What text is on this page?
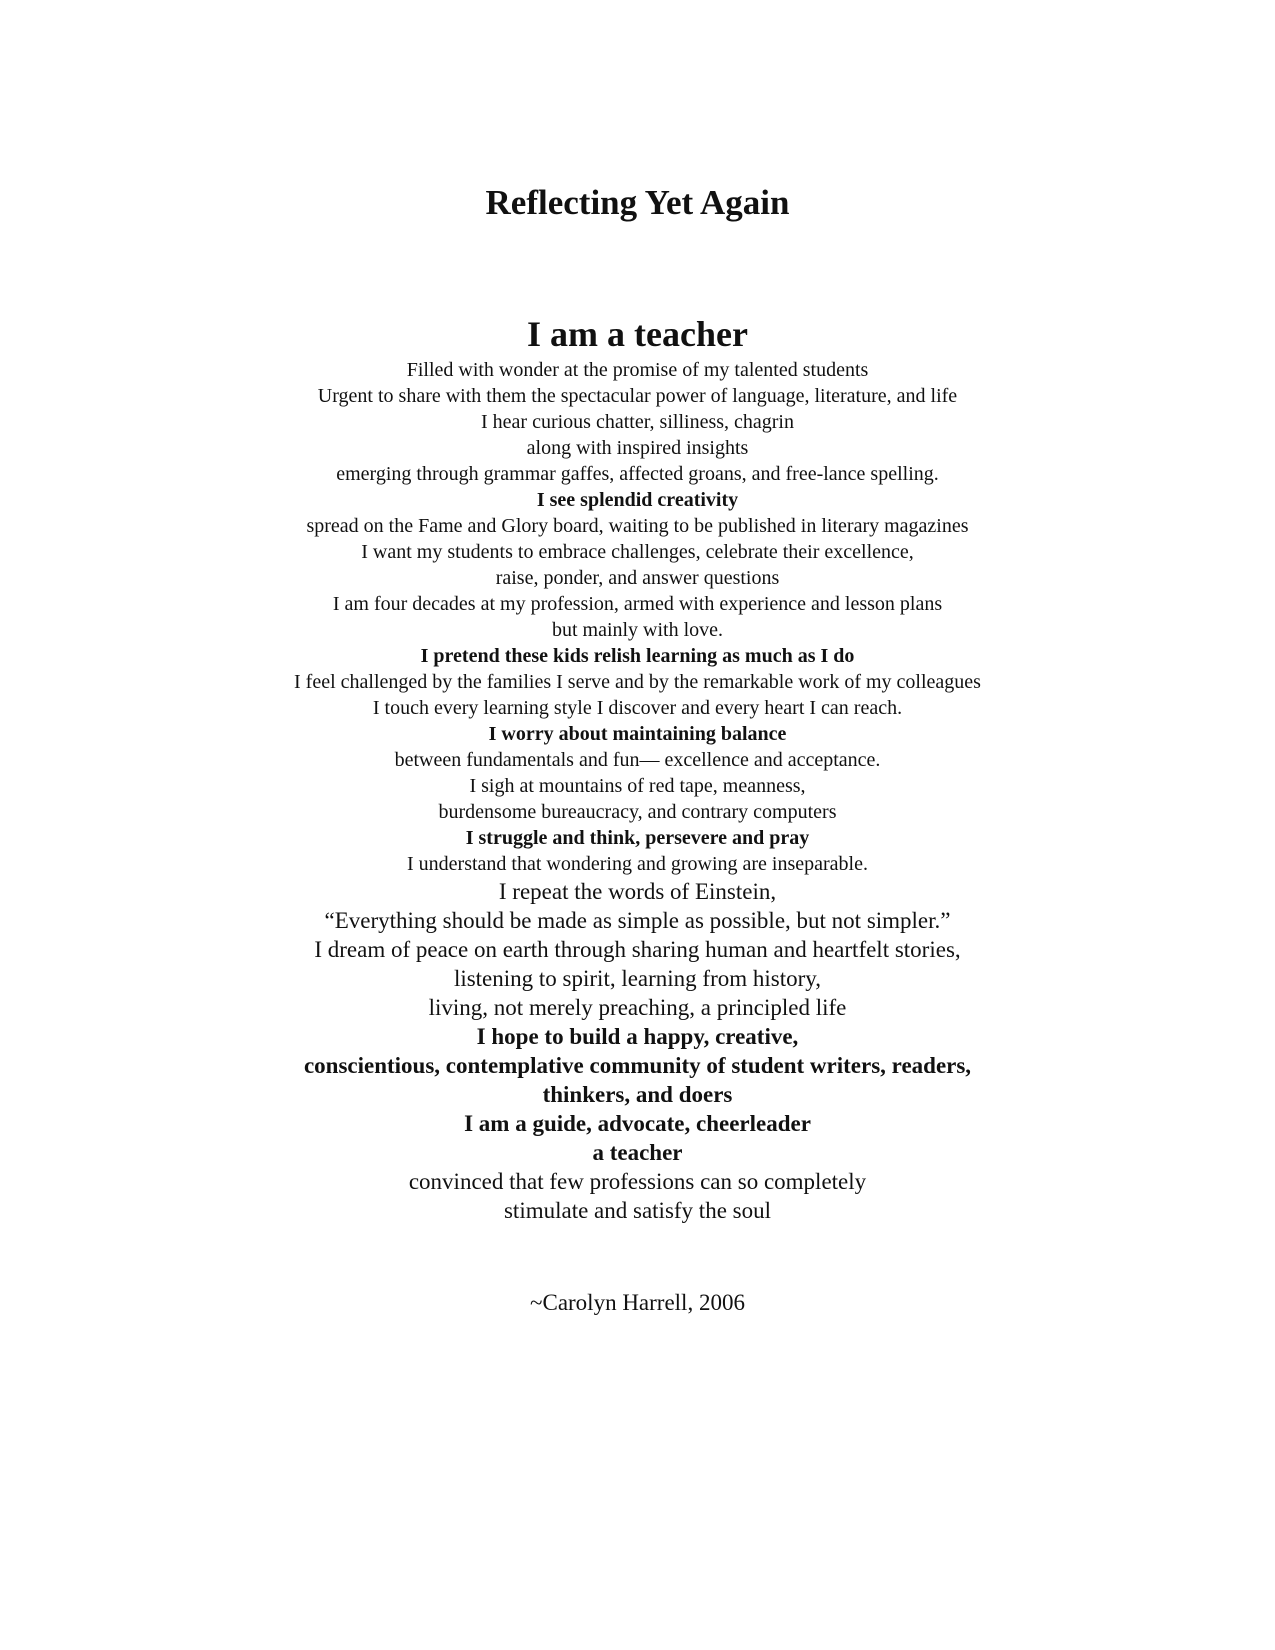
Reflecting Yet Again
I am a teacher
Filled with wonder at the promise of my talented students
Urgent to share with them the spectacular power of language, literature, and life
I hear curious chatter, silliness, chagrin
along with inspired insights
emerging through grammar gaffes, affected groans, and free-lance spelling.
I see splendid creativity
spread on the Fame and Glory board, waiting to be published in literary magazines
I want my students to embrace challenges, celebrate their excellence,
raise, ponder, and answer questions
I am four decades at my profession, armed with experience and lesson plans
but mainly with love.
I pretend these kids relish learning as much as I do
I feel challenged by the families I serve and by the remarkable work of my colleagues
I touch every learning style I discover and every heart I can reach.
I worry about maintaining balance
between fundamentals and fun— excellence and acceptance.
I sigh at mountains of red tape, meanness,
burdensome bureaucracy, and contrary computers
I struggle and think, persevere and pray
I understand that wondering and growing are inseparable.
I repeat the words of Einstein,
“Everything should be made as simple as possible, but not simpler.”
I dream of peace on earth through sharing human and heartfelt stories,
listening to spirit, learning from history,
living, not merely preaching, a principled life
I hope to build a happy, creative,
conscientious, contemplative community of student writers, readers,
thinkers, and doers
I am a guide, advocate, cheerleader
a teacher
convinced that few professions can so completely
stimulate and satisfy the soul
~Carolyn Harrell, 2006
